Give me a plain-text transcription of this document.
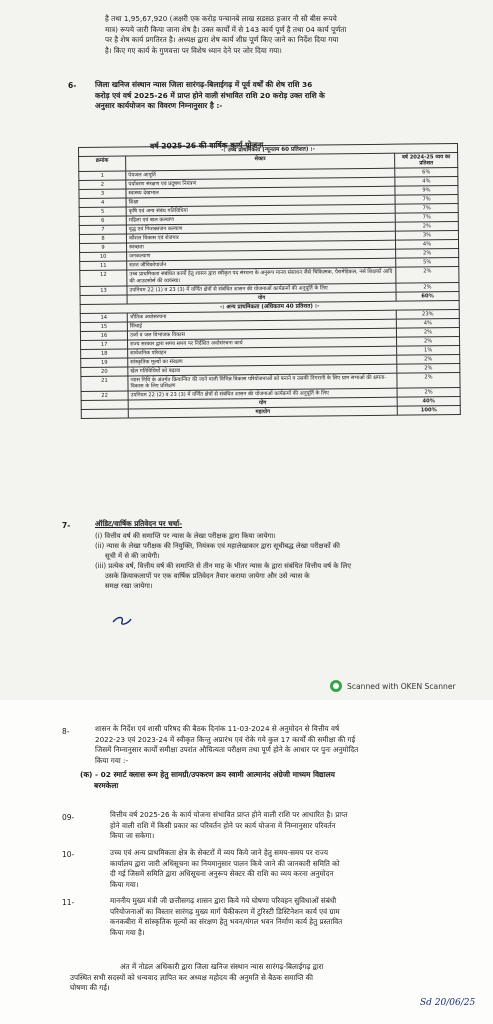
है तथा 1,95,67,920 (अक्षरी एक करोड़ पन्चानबे लाख सडसठ हजार नौ सौ बीस रूपये
मात्र) रूपये जारी किया जाना शेष है। उक्त कार्यों में से 143 कार्य पूर्ण है तथा 04 कार्य पूर्णता
पर है शेष कार्य प्रगतिरत है। अध्यक्ष द्वारा शेष कार्य शीघ्र पूर्ण किए जाने का निर्देश दिया गया
है। किए गए कार्य के गुणवत्ता पर विशेष ध्यान देने पर जोर दिया गया।
6-	जिला खनिज संस्थान न्यास जिला सारंगढ़-बिलाईगढ़ में पूर्व वर्षों की शेष राशि 36
करोड़ एवं वर्ष 2025-26 में प्राप्त होने वाली संभावित राशि 20 करोड़ उक्त राशि के
अनुसार कार्ययोजन का विवरण निम्नानुसार है :-
वर्ष 2025-26 की वार्षिक कार्य योजना
-: उच्च प्राथमिकता (न्यूनतम 60 प्रतिशत) :-		
क्रमांक	सेक्टर	वर्ष 2024-25 व्यय का प्रतिशत
1	पेयजल आपूर्ति	6%
2	पर्यावरण संरक्षण एवं प्रदूषण नियंत्रण	4%
3	स्वास्थ्य देखभाल	9%
4	शिक्षा	7%
5	कृषि एवं अन्य संबंध गतिविधियां	7%
6	महिला एवं बाल कल्याण	7%
7	वृद्ध एवं निःशक्तजन कल्याण	2%
8	कौशल विकास एवं रोजगार	3%
9	स्वच्छता	4%
10	जनकल्याण	2%
11	सतत जीविकोपार्जन	5%
12	उच्च प्राथमिकता संबंधित कार्यो हेतु शासन द्वारा स्वीकृत पद संरचना के अनुरूप मानव संसाधन जैसे चिकित्सक, पैरामेडिकल, नर्स शिक्षकों आदि की आउटसोर्स की व्यवस्था।	2%
13	उपनियम 22 (1) व 23 (3) में वर्णित क्षेत्रों से संबंधित शासन की योजनाओं कार्यक्रमों की अनुपूर्ति के लिए	2%
	योग	60%
-: अन्य प्राथमिकता (अधिकतम 40 प्रतिशत) :-		
14	भौतिक अधोसंरचना	23%
15	सिंचाई	4%
16	उर्जा व जल विभाजक विकास	2%
17	राज्य सरकार द्वारा समय समय पर निर्देशित अधोसंरचना कार्य	2%
18	सार्वजनिक परिवहन	1%
19	सांस्कृतिक मूल्यों का संरक्षण	2%
20	खेल गतिविधियों को बढ़ावा	2%
21	न्यास निधि के अंतर्गत क्रियान्वित की जाने वाली विभिन्न विकास परियोजनाओं को बनाने व उसकी निगरानी के लिए ग्राम सभाओं की क्षमता-विकास के लिए प्रशिक्षण	2%
22	उपनियम 22 (2) व 23 (3) में वर्णित क्षेत्रों से संबंधित शासन की योजनाओं कार्यक्रमों की अनुपूर्ति के लिए	2%
	योग	40%
	महायोग	100%
7-	ऑडिट/वार्षिक प्रतिवेदन पर चर्चा-
(i) वित्तीय वर्ष की समाप्ति पर न्यास के लेखा परीक्षक द्वारा किया जायेगा।
(ii) न्यास के लेखा परीक्षक की नियुक्ति, नियंत्रक एवं महालेखाकार द्वारा सूचीबद्ध लेखा परीक्षकों की
सूची में से की जायेगी।
(iii) प्रत्येक वर्ष, वित्तीय वर्ष की समाप्ति से तीन माह के भीतर न्यास के द्वारा संबंधित वित्तीय वर्ष के लिए
उसके क्रियाकलापों पर एक वार्षिक प्रतिवेदन तैयार कराया जायेगा और उसे न्यास के
समक्ष रखा जायेगा।
Scanned with OKEN Scanner
8-	शासन के निर्देश एवं शासी परिषद की बैठक दिनांक 11-03-2024 से अनुमोदन से वित्तीय वर्ष
2022-23 एवं 2023-24 में स्वीकृत किन्तु अप्रारंभ एवं रोके गये कुल 17 कार्यों की समीक्षा की गई
जिसमें निम्नानुसार कार्यों समीक्षा उपरांत औचित्यता परीक्षण तथा पूर्ण होने के आधार पर पुनः अनुमोदित
किया गया :-
(क) - 02 स्मार्ट क्लास रूम हेतु सामग्री/उपकरण क्रय स्वामी आत्मानंद अंग्रेजी माध्यम विद्यालय
बरमकेला
09-	वित्तीय वर्ष 2025-26 के कार्य योजना संभावित प्राप्त होने वाली राशि पर आधारित है। प्राप्त
होने वाली राशि में किसी प्रकार का परिवर्तन होने पर कार्य योजना में निम्नानुसार परिवर्तन
किया जा सकेगा।
10-	उच्च एवं अन्य प्राथमिकता क्षेत्र के सेक्टरों में व्यय किये जाने हेतु समय-समय पर राज्य
कार्यालय द्वारा जारी अधिसूचना का नियमानुसार पालन किये जाने की जानकारी समिति को
दी गई जिसमें समिति द्वारा अधिसूचना अनुरूप सेक्टर की राशि का व्यय करना अनुमोदन
किया गया।
11-	माननीय मुख्य मंत्री जी छत्तीसगढ़ शासन द्वारा किये गये घोषणा परिवहन सुविधाओं संबंधी
परियोजनाओं का विस्तार सारंगढ़ मुख्य मार्ग चैकीकरण में टुरिस्टी डिस्टिनेशन कार्य एवं ग्राम
कनकबीरा में सांस्कृतिक मूल्यों का संरक्षण हेतु भवन/मंगल भवन निर्माण कार्य हेतु प्रस्तावित
किया गया है।
अंत में नोडल अधिकारी द्वारा जिला खनिज संस्थान न्यास सारंगढ़-बिलाईगढ़ द्वारा
उपस्थित सभी सदस्यों को धन्यवाद ज्ञापित कर अध्यक्ष महोदय की अनुमति से बैठक समाप्ति की
घोषणा की गई।
Sd 20/06/25
